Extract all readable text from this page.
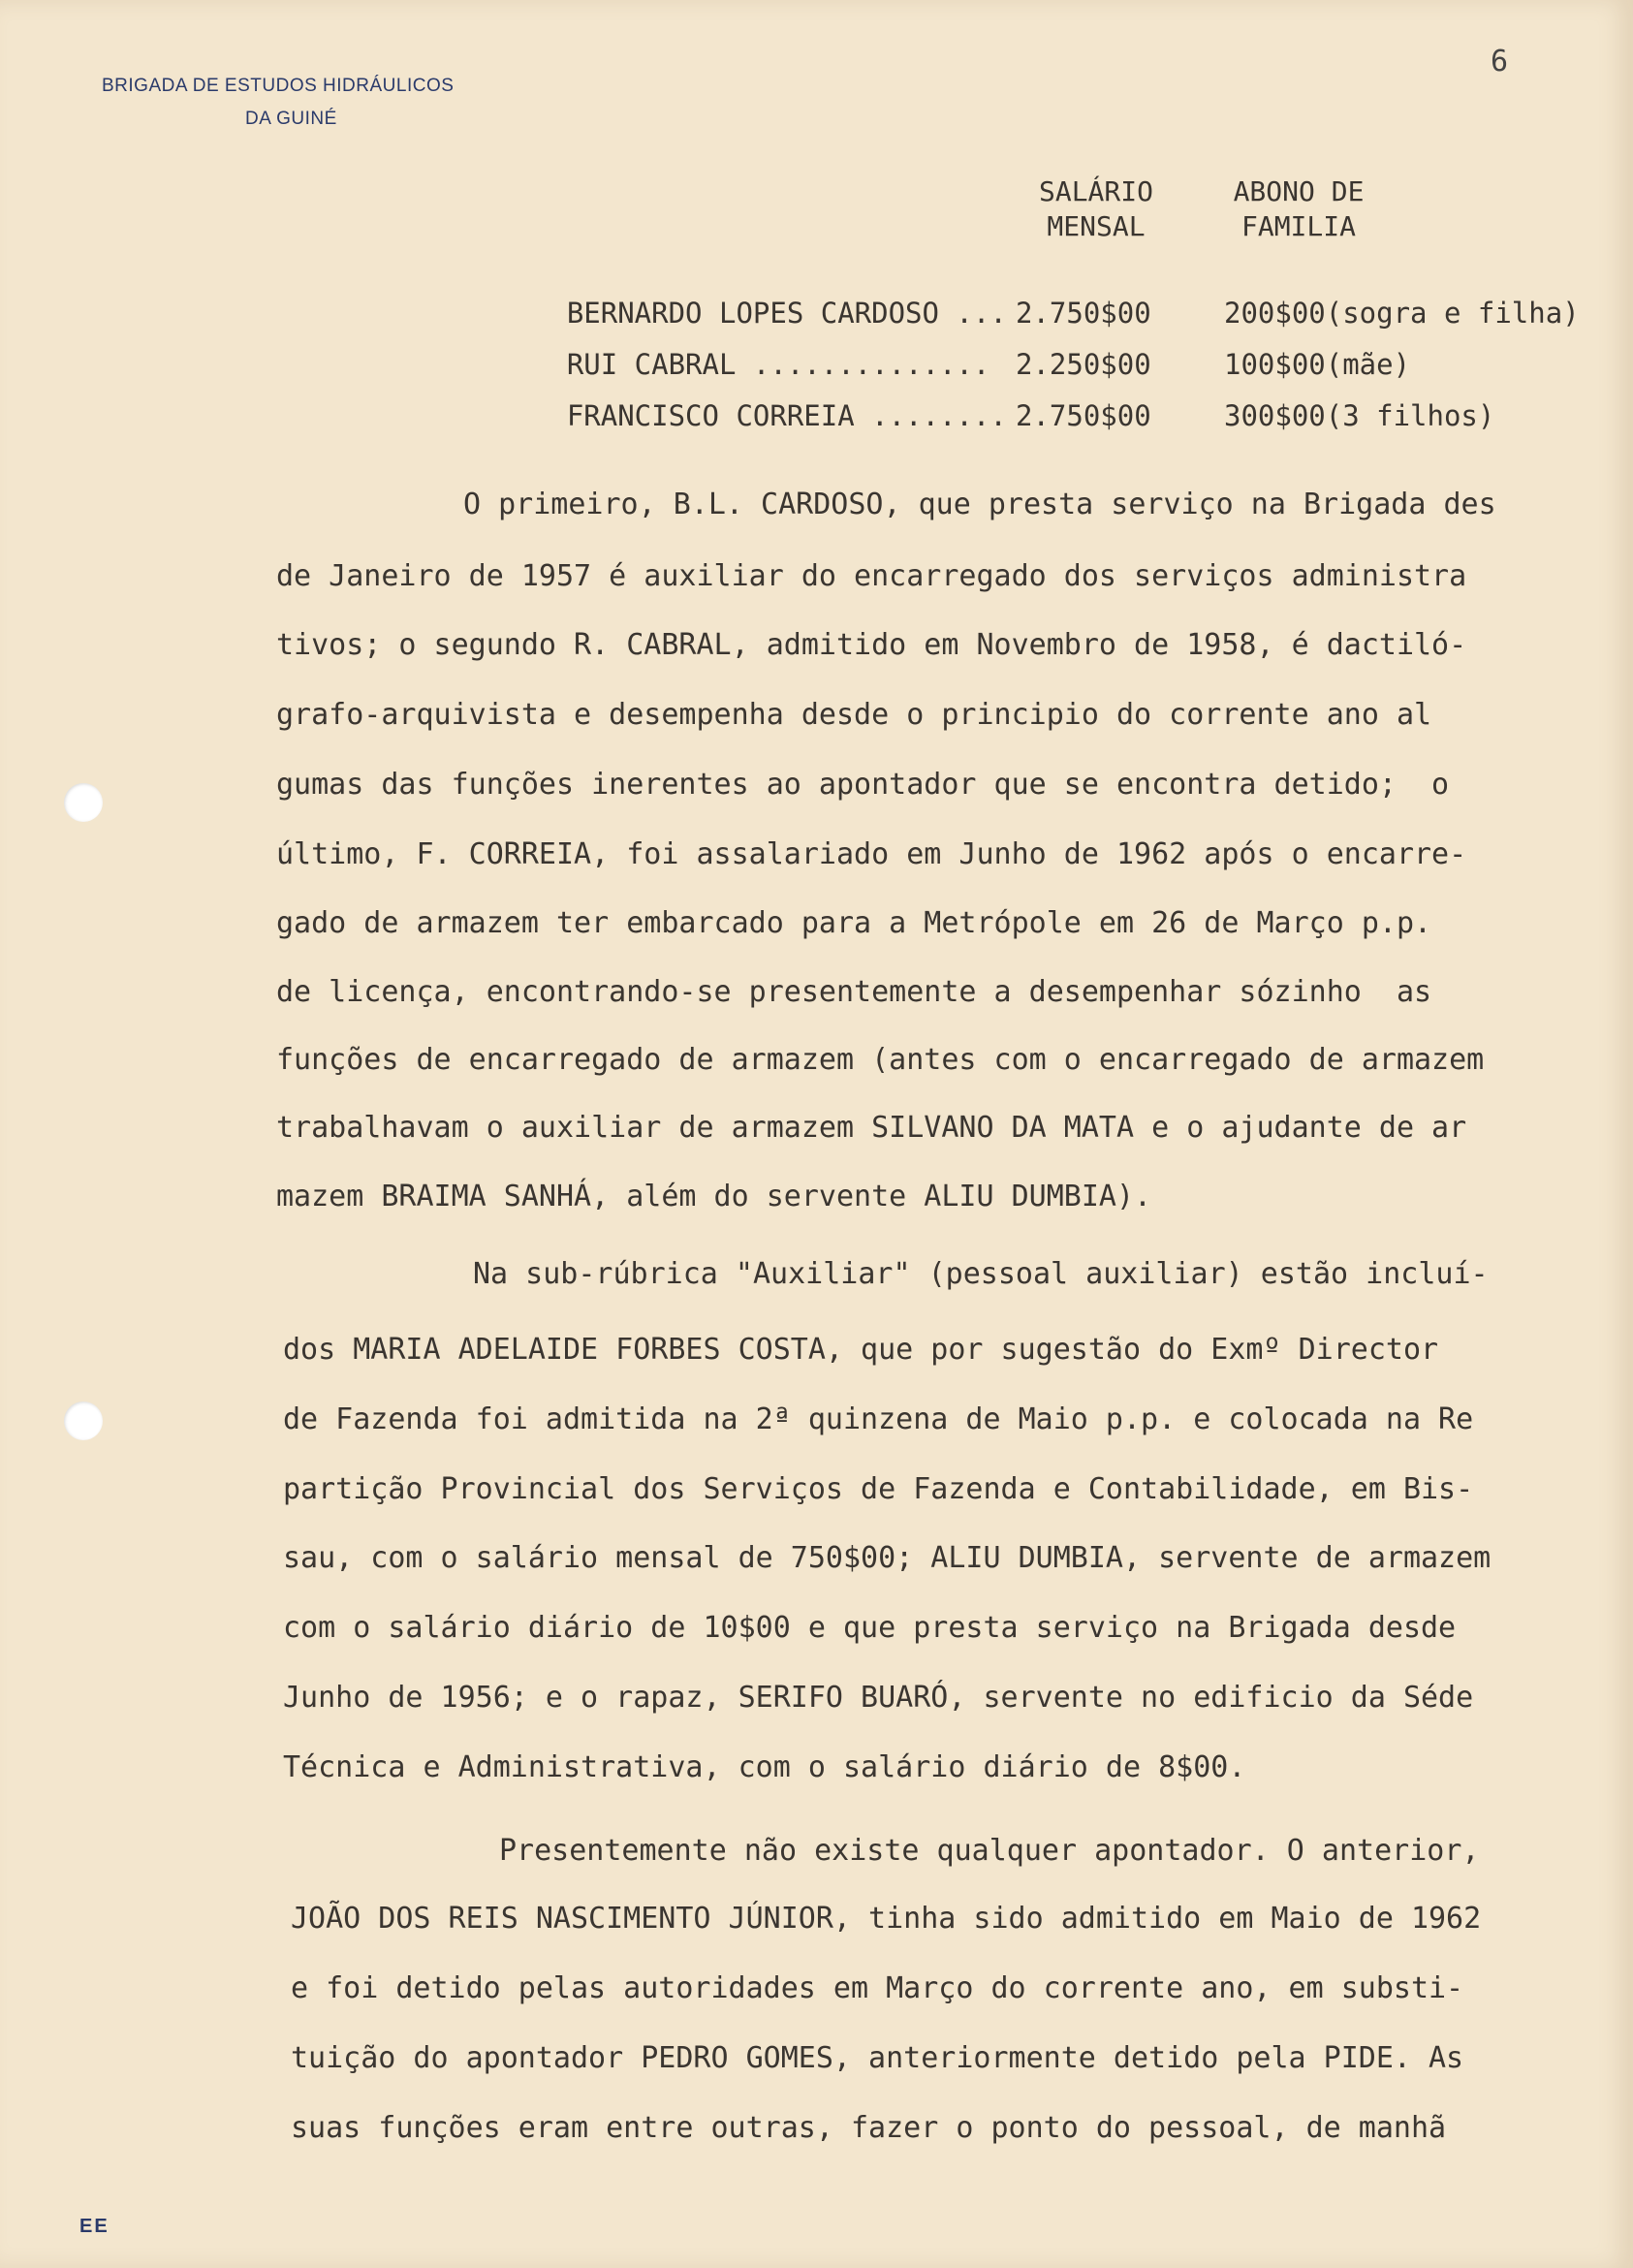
BRIGADA DE ESTUDOS HIDRÁULICOS
DA GUINÉ
6
SALÁRIO
MENSAL
ABONO DE
FAMILIA

BERNARDO LOPES CARDOSO ... 2.750$00	200$00(sogra e filha)

RUI CABRAL .............. 2.250$00	100$00(mãe)

FRANCISCO CORREIA ........ 2.750$00	300$00(3 filhos)

O primeiro, B.L. CARDOSO, que presta serviço na Brigada des
de Janeiro de 1957 é auxiliar do encarregado dos serviços administra
tivos; o segundo R. CABRAL, admitido em Novembro de 1958, é dactiló-
grafo-arquivista e desempenha desde o principio do corrente ano al
gumas das funções inerentes ao apontador que se encontra detido;  o
último, F. CORREIA, foi assalariado em Junho de 1962 após o encarre-
gado de armazem ter embarcado para a Metrópole em 26 de Março p.p.
de licença, encontrando-se presentemente a desempenhar sózinho  as
funções de encarregado de armazem (antes com o encarregado de armazem
trabalhavam o auxiliar de armazem SILVANO DA MATA e o ajudante de ar
mazem BRAIMA SANHÁ, além do servente ALIU DUMBIA).
Na sub-rúbrica "Auxiliar" (pessoal auxiliar) estão incluí-
dos MARIA ADELAIDE FORBES COSTA, que por sugestão do Exmº Director
de Fazenda foi admitida na 2ª quinzena de Maio p.p. e colocada na Re
partição Provincial dos Serviços de Fazenda e Contabilidade, em Bis-
sau, com o salário mensal de 750$00; ALIU DUMBIA, servente de armazem
com o salário diário de 10$00 e que presta serviço na Brigada desde
Junho de 1956; e o rapaz, SERIFO BUARÓ, servente no edificio da Séde
Técnica e Administrativa, com o salário diário de 8$00.
Presentemente não existe qualquer apontador. O anterior,
JOÃO DOS REIS NASCIMENTO JÚNIOR, tinha sido admitido em Maio de 1962
e foi detido pelas autoridades em Março do corrente ano, em substi-
tuição do apontador PEDRO GOMES, anteriormente detido pela PIDE. As
suas funções eram entre outras, fazer o ponto do pessoal, de manhã
EE
